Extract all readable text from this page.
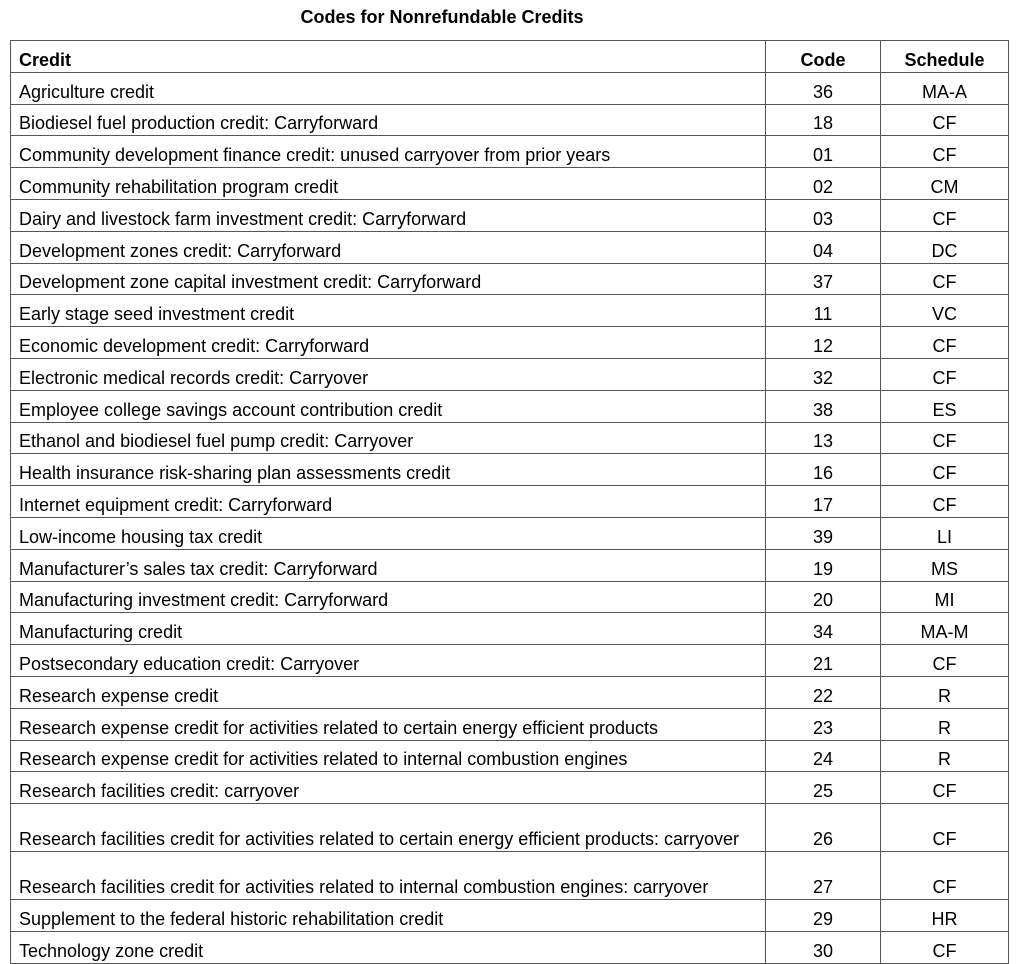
Codes for Nonrefundable Credits
Credit	Code	Schedule
Agriculture credit	36	MA-A
Biodiesel fuel production credit: Carryforward	18	CF
Community development finance credit: unused carryover from prior years	01	CF
Community rehabilitation program credit	02	CM
Dairy and livestock farm investment credit: Carryforward	03	CF
Development zones credit: Carryforward	04	DC
Development zone capital investment credit: Carryforward	37	CF
Early stage seed investment credit	11	VC
Economic development credit: Carryforward	12	CF
Electronic medical records credit: Carryover	32	CF
Employee college savings account contribution credit	38	ES
Ethanol and biodiesel fuel pump credit: Carryover	13	CF
Health insurance risk-sharing plan assessments credit	16	CF
Internet equipment credit: Carryforward	17	CF
Low-income housing tax credit	39	LI
Manufacturer’s sales tax credit: Carryforward	19	MS
Manufacturing investment credit: Carryforward	20	MI
Manufacturing credit	34	MA-M
Postsecondary education credit: Carryover	21	CF
Research expense credit	22	R
Research expense credit for activities related to certain energy efficient products	23	R
Research expense credit for activities related to internal combustion engines	24	R
Research facilities credit: carryover	25	CF

Research facilities credit for activities related to certain energy efficient products: carryover	26	CF
Research facilities credit for activities related to internal combustion engines: carryover	27	CF
Supplement to the federal historic rehabilitation credit	29	HR
Technology zone credit	30	CF
